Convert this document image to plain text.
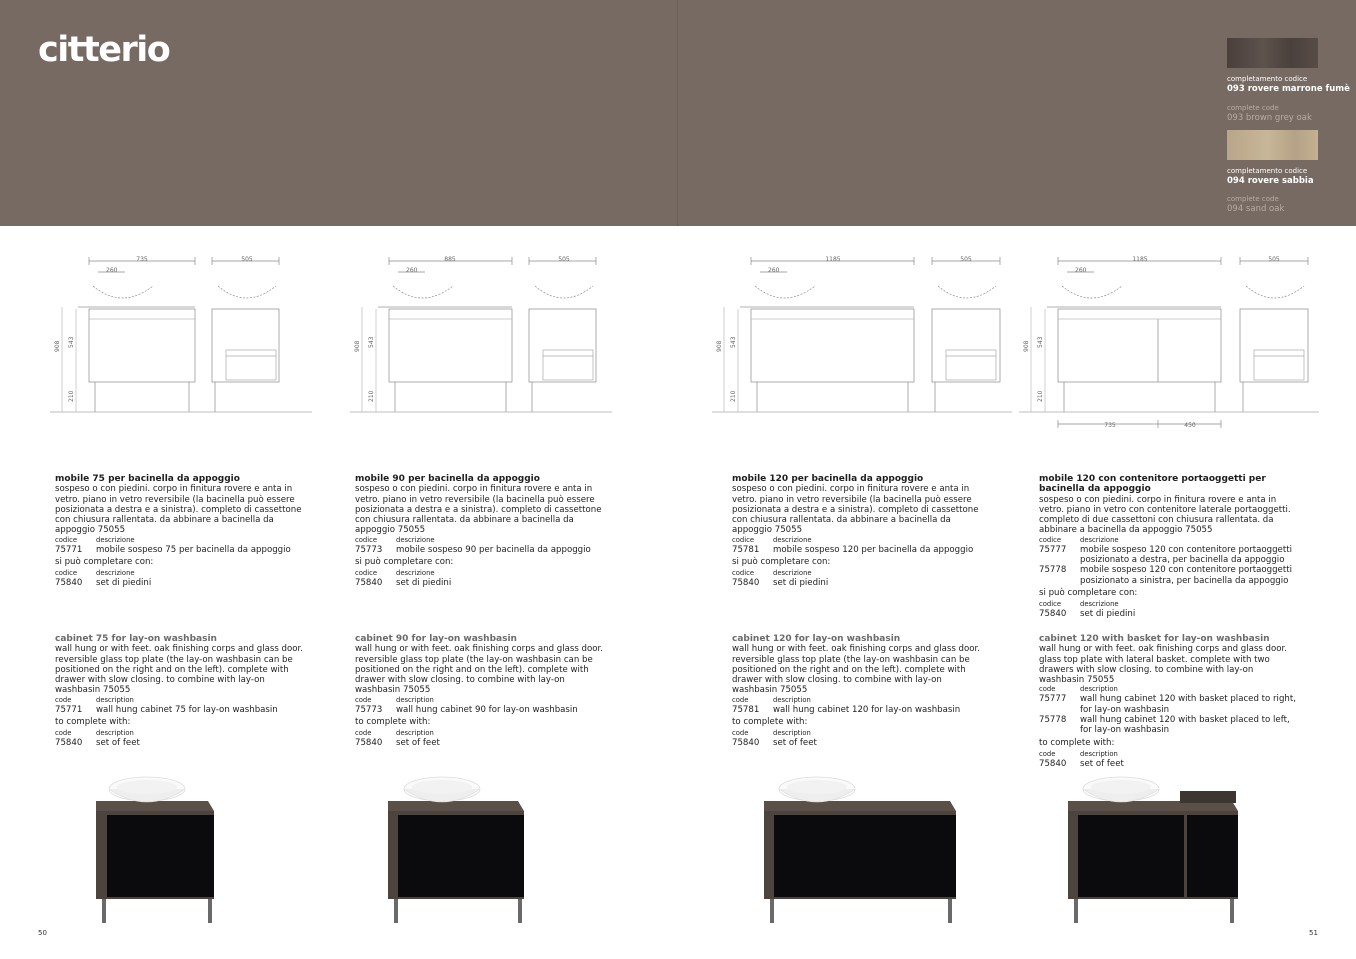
citterio
completamento codice
093 rovere marrone fumè
complete code
093 brown grey oak
completamento codice
094 rovere sabbia
complete code
094 sand oak
735
260
505
908 543
210
885
260
505
908 543
210
1185
260
505
908 543
210
1185
260
505
908 543
210
735	450
mobile 75 per bacinella da appoggio
sospeso o con piedini. corpo in finitura rovere e anta in vetro. piano in vetro reversibile (la bacinella può essere posizionata a destra e a sinistra). completo di cassettone con chiusura rallentata. da abbinare a bacinella da appoggio 75055
codice	descrizione
75771	mobile sospeso 75 per bacinella da appoggio
si può completare con:
codice	descrizione
75840	set di piedini
cabinet 75 for lay-on washbasin
wall hung or with feet. oak finishing corps and glass door. reversible glass top plate (the lay-on washbasin can be positioned on the right and on the left). complete with drawer with slow closing. to combine with lay-on washbasin 75055
code	description
75771	wall hung cabinet 75 for lay-on washbasin
to complete with:
code	description
75840	set of feet
mobile 90 per bacinella da appoggio
sospeso o con piedini. corpo in finitura rovere e anta in vetro. piano in vetro reversibile (la bacinella può essere posizionata a destra e a sinistra). completo di cassettone con chiusura rallentata. da abbinare a bacinella da appoggio 75055
codice	descrizione
75773	mobile sospeso 90 per bacinella da appoggio
si può completare con:
codice	descrizione
75840	set di piedini
cabinet 90 for lay-on washbasin
wall hung or with feet. oak finishing corps and glass door. reversible glass top plate (the lay-on washbasin can be positioned on the right and on the left). complete with drawer with slow closing. to combine with lay-on washbasin 75055
code	description
75773	wall hung cabinet 90 for lay-on washbasin
to complete with:
code	description
75840	set of feet
mobile 120 per bacinella da appoggio
sospeso o con piedini. corpo in finitura rovere e anta in vetro. piano in vetro reversibile (la bacinella può essere posizionata a destra e a sinistra). completo di cassettone con chiusura rallentata. da abbinare a bacinella da appoggio 75055
codice	descrizione
75781	mobile sospeso 120 per bacinella da appoggio
si può completare con:
codice	descrizione
75840	set di piedini
cabinet 120 for lay-on washbasin
wall hung or with feet. oak finishing corps and glass door. reversible glass top plate (the lay-on washbasin can be positioned on the right and on the left). complete with drawer with slow closing. to combine with lay-on washbasin 75055
code	description
75781	wall hung cabinet 120 for lay-on washbasin
to complete with:
code	description
75840	set of feet
mobile 120 con contenitore portaoggetti per bacinella da appoggio
sospeso o con piedini. corpo in finitura rovere e anta in vetro. piano in vetro con contenitore laterale portaoggetti. completo di due cassettoni con chiusura rallentata. da abbinare a bacinella da appoggio 75055
codice	descrizione
75777	mobile sospeso 120 con contenitore portaoggetti posizionato a destra, per bacinella da appoggio
75778	mobile sospeso 120 con contenitore portaoggetti posizionato a sinistra, per bacinella da appoggio
si può completare con:
codice	descrizione
75840	set di piedini
cabinet 120 with basket for lay-on washbasin
wall hung or with feet. oak finishing corps and glass door. glass top plate with lateral basket. complete with two drawers with slow closing. to combine with lay-on washbasin 75055
code	description
75777	wall hung cabinet 120 with basket placed to right, for lay-on washbasin
75778	wall hung cabinet 120 with basket placed to left, for lay-on washbasin
to complete with:
code	description
75840	set of feet
50	51
